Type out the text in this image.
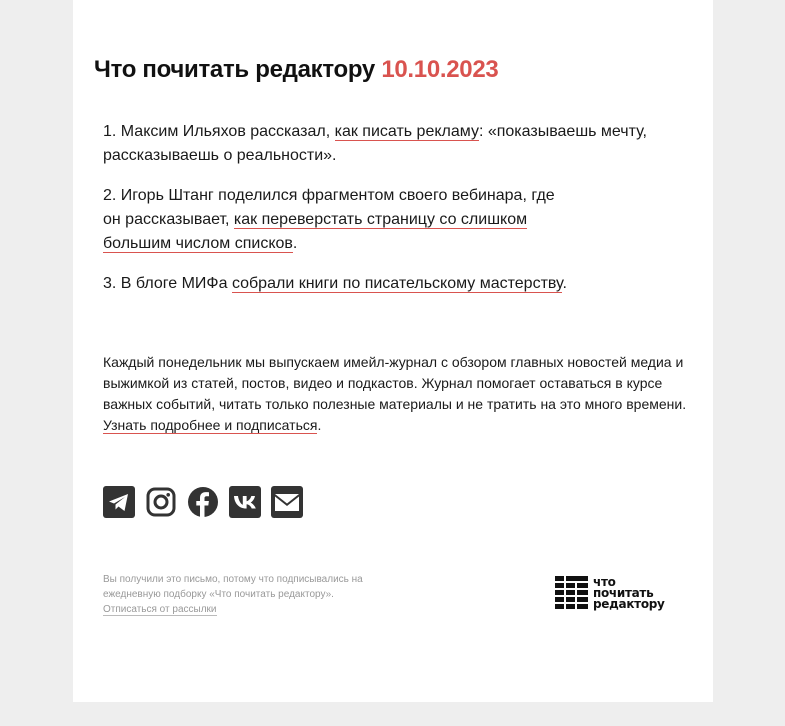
Что почитать редактору 10.10.2023

1. Максим Ильяхов рассказал, как писать рекламу: «показываешь мечту, рассказываешь о реальности».

2. Игорь Штанг поделился фрагментом своего вебинара, где он рассказывает, как переверстать страницу со слишком большим числом списков.

3. В блоге МИФа собрали книги по писательскому мастерству.

Каждый понедельник мы выпускаем имейл-журнал с обзором главных новостей медиа и выжимкой из статей, постов, видео и подкастов. Журнал помогает оставаться в курсе важных событий, читать только полезные материалы и не тратить на это много времени. Узнать подробнее и подписаться.

Вы получили это письмо, потому что подписывались на ежедневную подборку «Что почитать редактору».
Отписаться от рассылки
что
почитать
редактору
